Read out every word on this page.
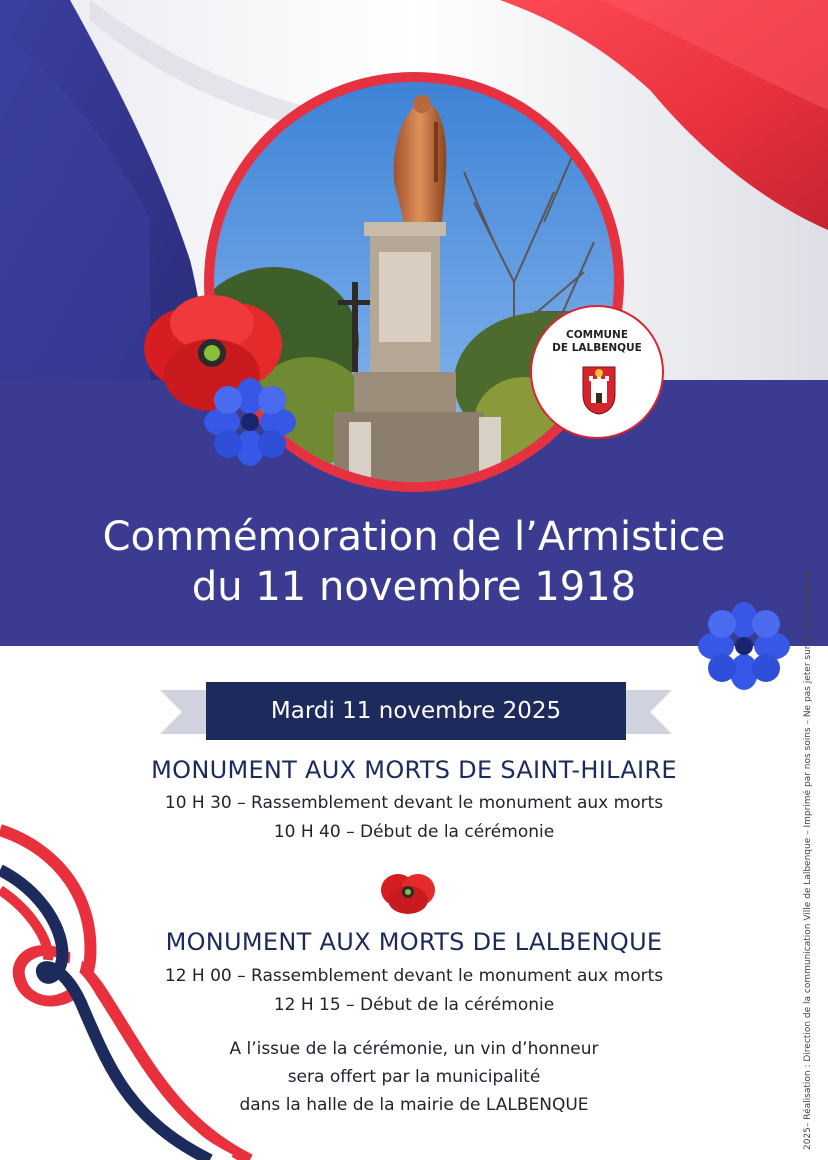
COMMUNE
DE LALBENQUE
Commémoration de l’Armistice
du 11 novembre 1918
Mardi 11 novembre 2025
MONUMENT AUX MORTS DE SAINT-HILAIRE
10 H 30 – Rassemblement devant le monument aux morts
10 H 40 – Début de la cérémonie
MONUMENT AUX MORTS DE LALBENQUE
12 H 00 – Rassemblement devant le monument aux morts
12 H 15 – Début de la cérémonie
A l’issue de la cérémonie, un vin d’honneur
sera offert par la municipalité
dans la halle de la mairie de LALBENQUE	2025– Réalisation : Direction de la communication Ville de Lalbenque – Imprimé par nos soins – Ne pas jeter sur la voie publique
